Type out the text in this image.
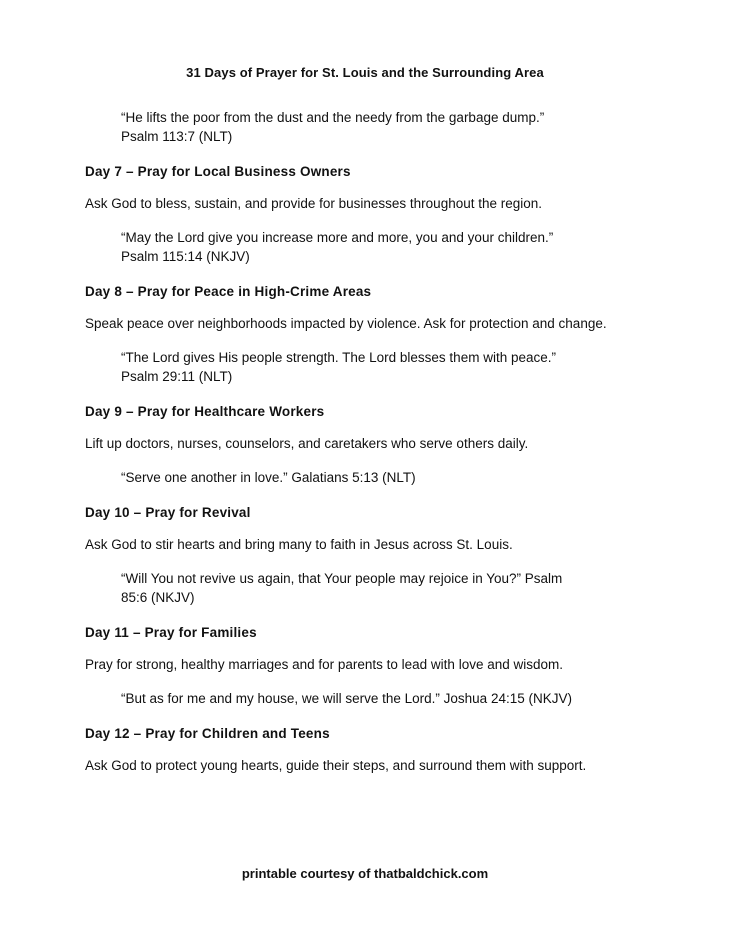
31 Days of Prayer for St. Louis and the Surrounding Area
“He lifts the poor from the dust and the needy from the garbage dump.”
Psalm 113:7 (NLT)
Day 7 – Pray for Local Business Owners
Ask God to bless, sustain, and provide for businesses throughout the region.
“May the Lord give you increase more and more, you and your children.”
Psalm 115:14 (NKJV)
Day 8 – Pray for Peace in High-Crime Areas
Speak peace over neighborhoods impacted by violence. Ask for protection and change.
“The Lord gives His people strength. The Lord blesses them with peace.”
Psalm 29:11 (NLT)
Day 9 – Pray for Healthcare Workers
Lift up doctors, nurses, counselors, and caretakers who serve others daily.
“Serve one another in love.” Galatians 5:13 (NLT)
Day 10 – Pray for Revival
Ask God to stir hearts and bring many to faith in Jesus across St. Louis.
“Will You not revive us again, that Your people may rejoice in You?” Psalm
85:6 (NKJV)
Day 11 – Pray for Families
Pray for strong, healthy marriages and for parents to lead with love and wisdom.
“But as for me and my house, we will serve the Lord.” Joshua 24:15 (NKJV)
Day 12 – Pray for Children and Teens
Ask God to protect young hearts, guide their steps, and surround them with support.
printable courtesy of thatbaldchick.com
